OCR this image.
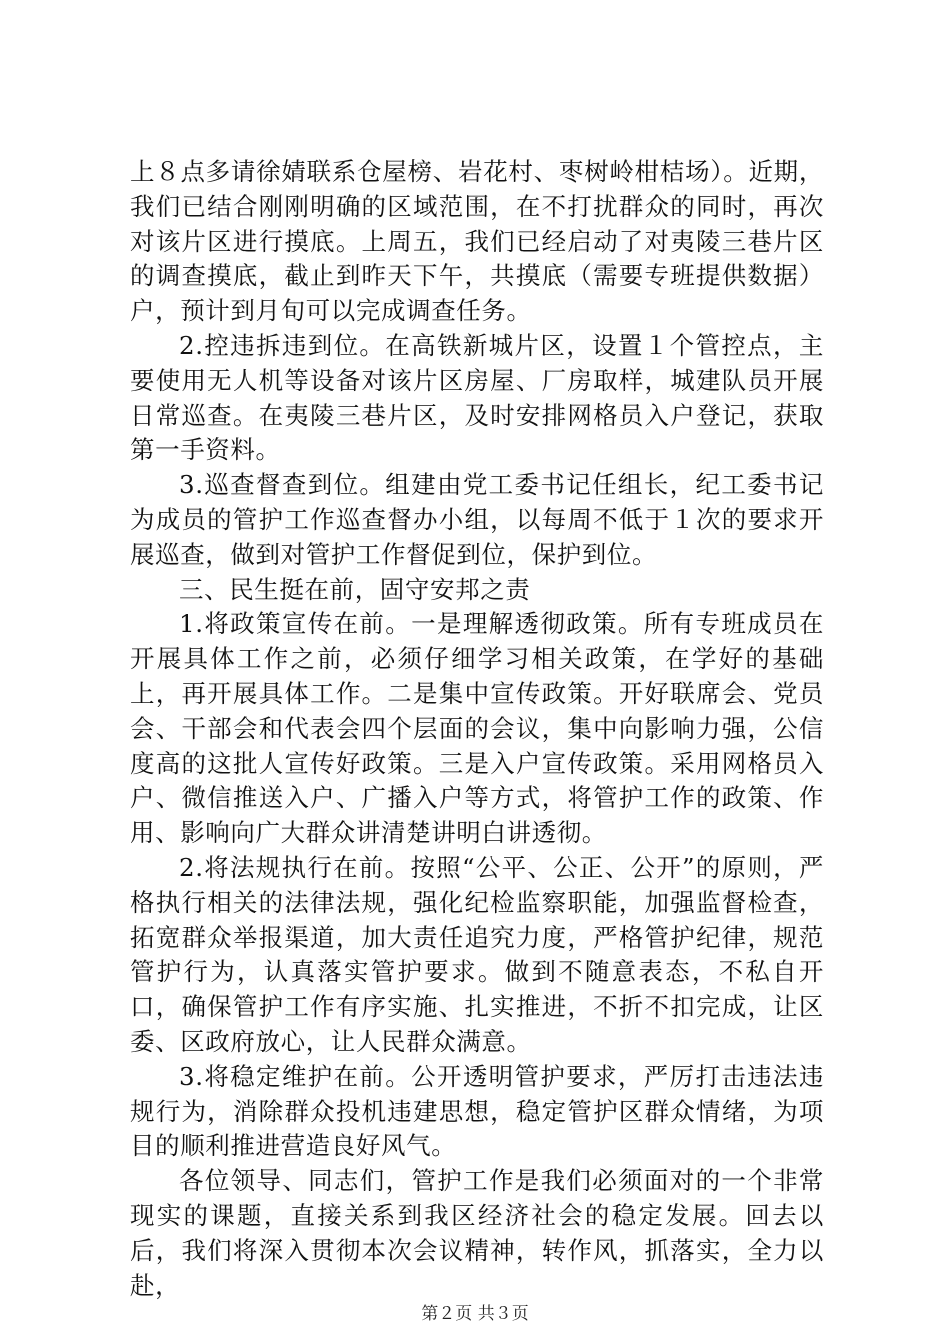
上８点多请徐婧联系仓屋榜、岩花村、枣树岭柑桔场）。近期，我们已结合刚刚明确的区域范围，在不打扰群众的同时，再次对该片区进行摸底。上周五，我们已经启动了对夷陵三巷片区的调查摸底，截止到昨天下午，共摸底（需要专班提供数据）户，预计到月旬可以完成调查任务。

2.控违拆违到位。在高铁新城片区，设置１个管控点，主要使用无人机等设备对该片区房屋、厂房取样，城建队员开展日常巡查。在夷陵三巷片区，及时安排网格员入户登记，获取第一手资料。

3.巡查督查到位。组建由党工委书记任组长，纪工委书记为成员的管护工作巡查督办小组，以每周不低于１次的要求开展巡查，做到对管护工作督促到位，保护到位。

三、民生挺在前，固守安邦之责

1.将政策宣传在前。一是理解透彻政策。所有专班成员在开展具体工作之前，必须仔细学习相关政策，在学好的基础上，再开展具体工作。二是集中宣传政策。开好联席会、党员会、干部会和代表会四个层面的会议，集中向影响力强，公信度高的这批人宣传好政策。三是入户宣传政策。采用网格员入户、微信推送入户、广播入户等方式，将管护工作的政策、作用、影响向广大群众讲清楚讲明白讲透彻。

2.将法规执行在前。按照“公平、公正、公开”的原则，严格执行相关的法律法规，强化纪检监察职能，加强监督检查，拓宽群众举报渠道，加大责任追究力度，严格管护纪律，规范管护行为，认真落实管护要求。做到不随意表态，不私自开口，确保管护工作有序实施、扎实推进，不折不扣完成，让区委、区政府放心，让人民群众满意。

3.将稳定维护在前。公开透明管护要求，严厉打击违法违规行为，消除群众投机违建思想，稳定管护区群众情绪，为项目的顺利推进营造良好风气。

各位领导、同志们，管护工作是我们必须面对的一个非常现实的课题，直接关系到我区经济社会的稳定发展。回去以后，我们将深入贯彻本次会议精神，转作风，抓落实，全力以赴，

第２页 共３页
